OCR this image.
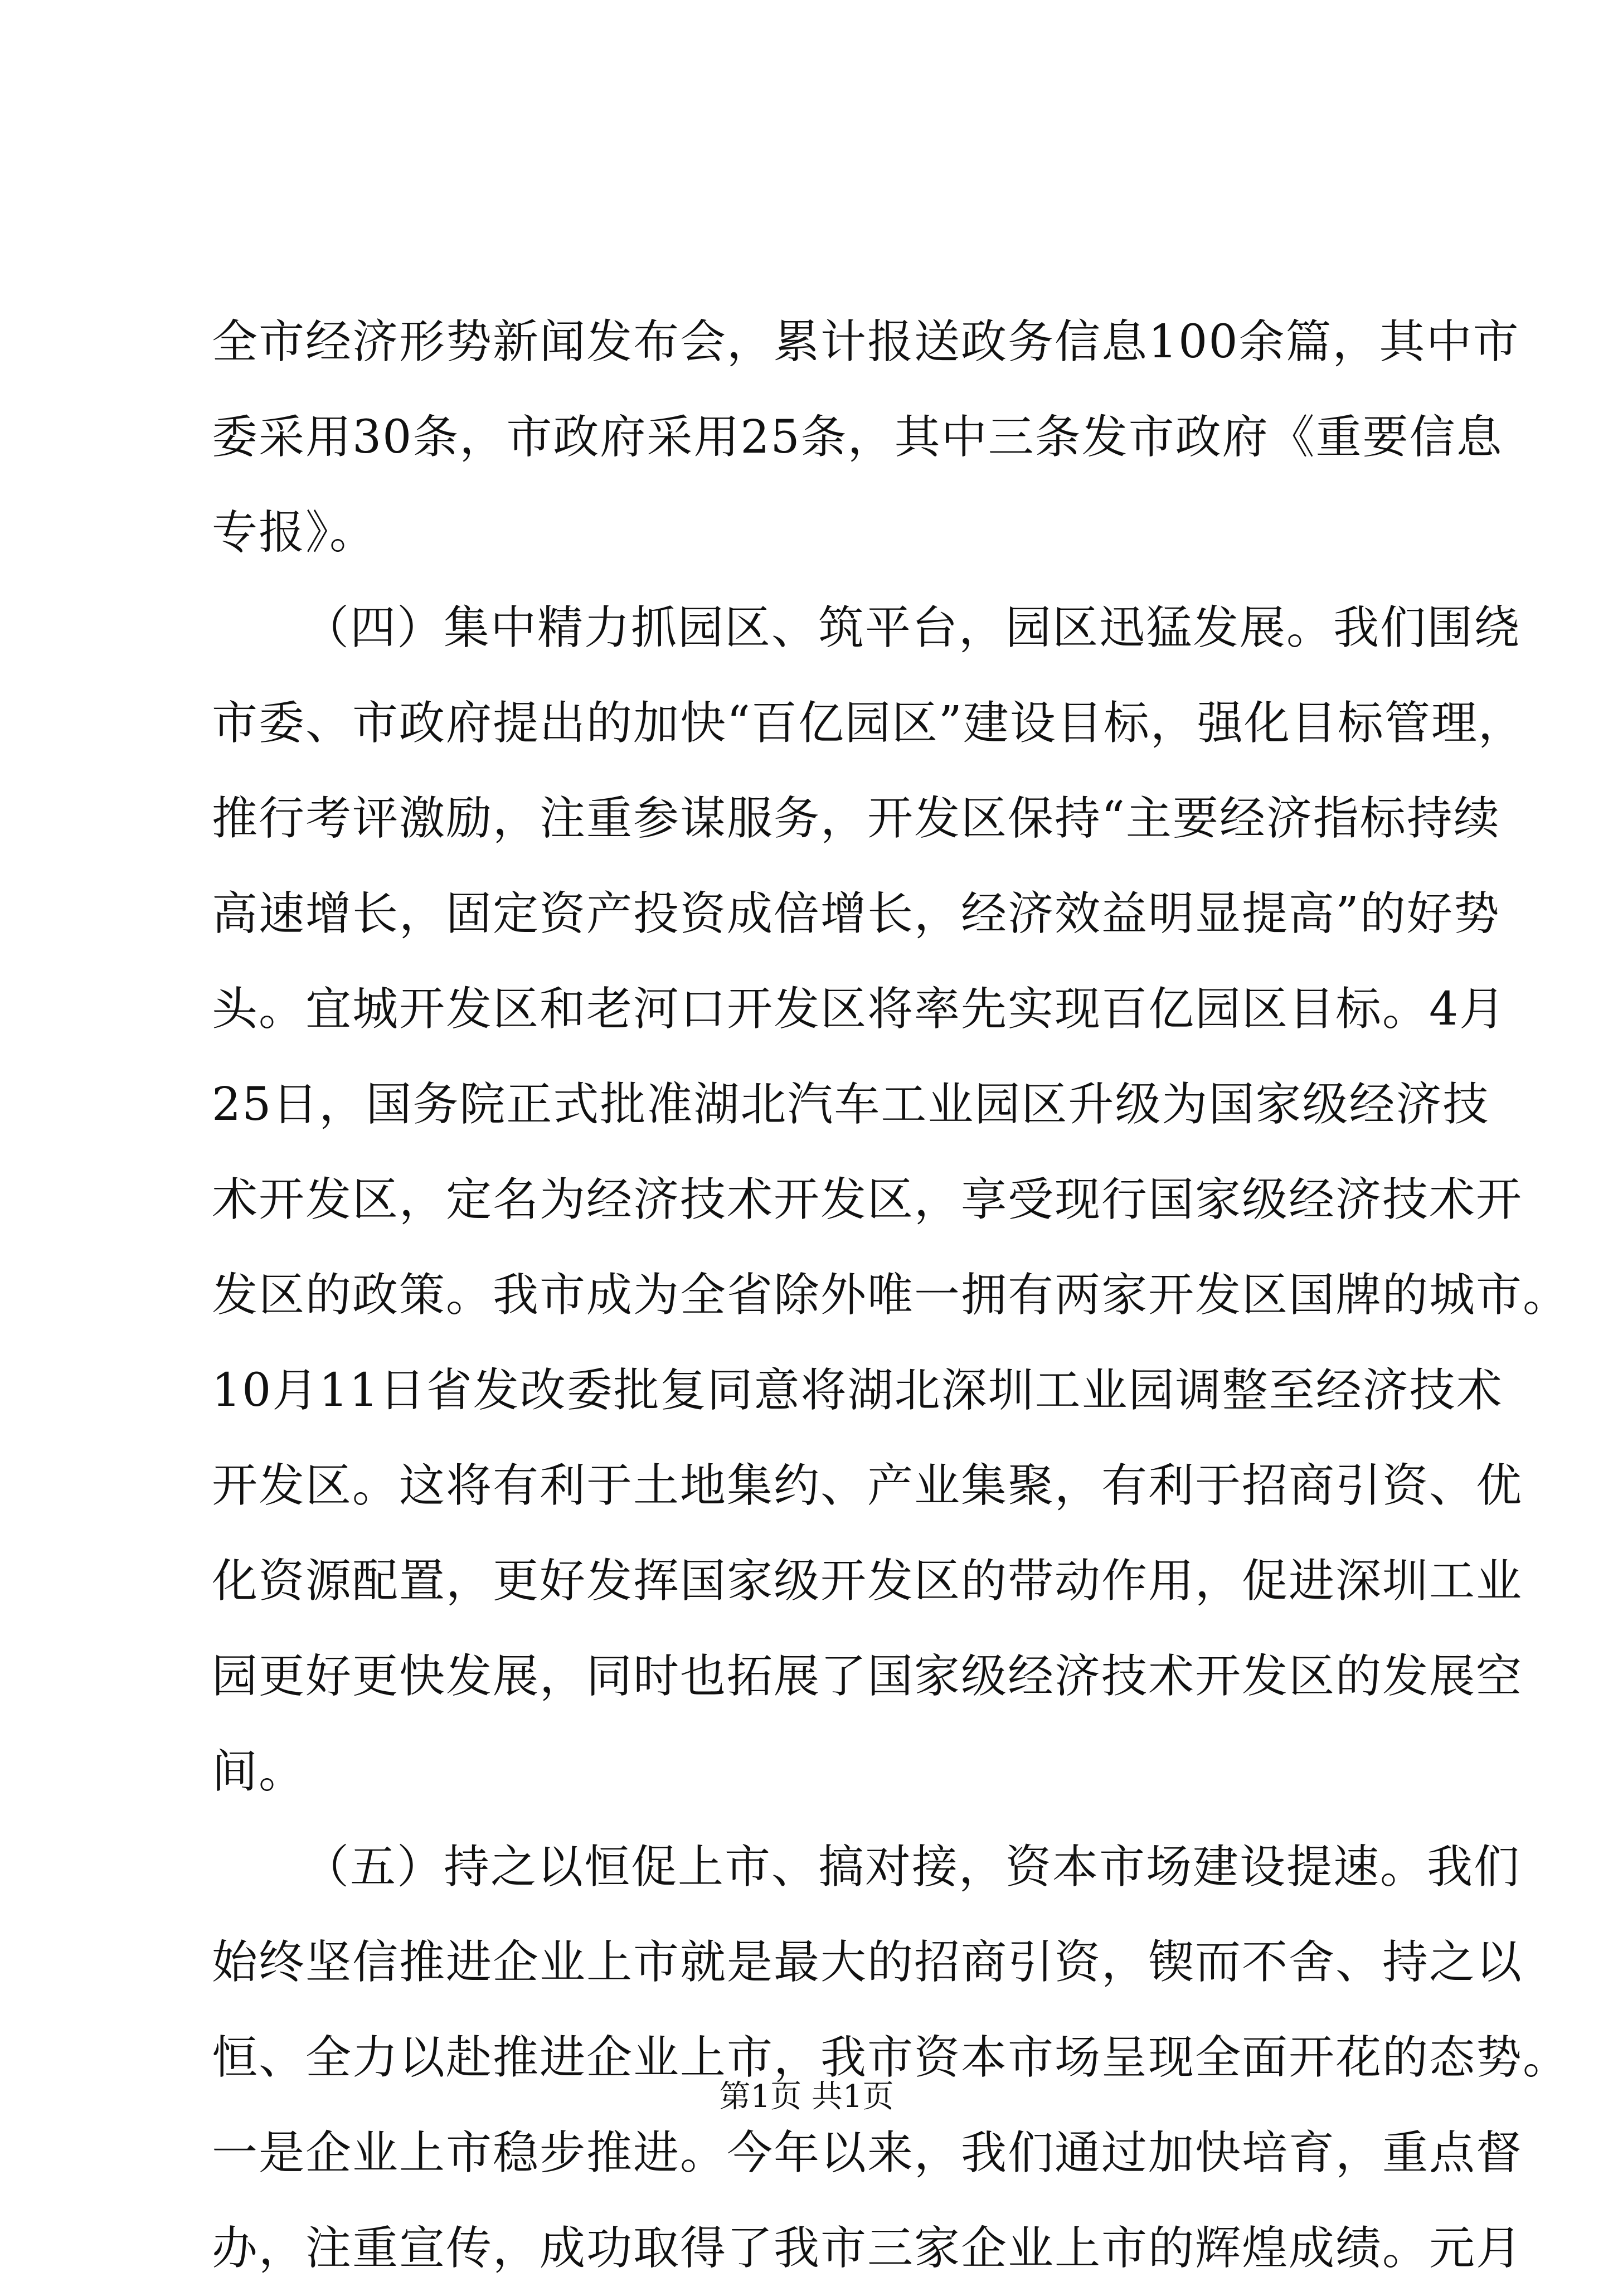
全市经济形势新闻发布会，累计报送政务信息100余篇，其中市
委采用30条，市政府采用25条，其中三条发市政府《重要信息
专报》。
（四）集中精力抓园区、筑平台，园区迅猛发展。我们围绕
市委、市政府提出的加快“百亿园区”建设目标，强化目标管理，
推行考评激励，注重参谋服务，开发区保持“主要经济指标持续
高速增长，固定资产投资成倍增长，经济效益明显提高”的好势
头。宜城开发区和老河口开发区将率先实现百亿园区目标。4月
25日，国务院正式批准湖北汽车工业园区升级为国家级经济技
术开发区，定名为经济技术开发区，享受现行国家级经济技术开
发区的政策。我市成为全省除外唯一拥有两家开发区国牌的城市。
10月11日省发改委批复同意将湖北深圳工业园调整至经济技术
开发区。这将有利于土地集约、产业集聚，有利于招商引资、优
化资源配置，更好发挥国家级开发区的带动作用，促进深圳工业
园更好更快发展，同时也拓展了国家级经济技术开发区的发展空
间。
（五）持之以恒促上市、搞对接，资本市场建设提速。我们
始终坚信推进企业上市就是最大的招商引资，锲而不舍、持之以
恒、全力以赴推进企业上市，我市资本市场呈现全面开花的态势。
一是企业上市稳步推进。今年以来，我们通过加快培育，重点督
办，注重宣传，成功取得了我市三家企业上市的辉煌成绩。元月
第1页 共1页
